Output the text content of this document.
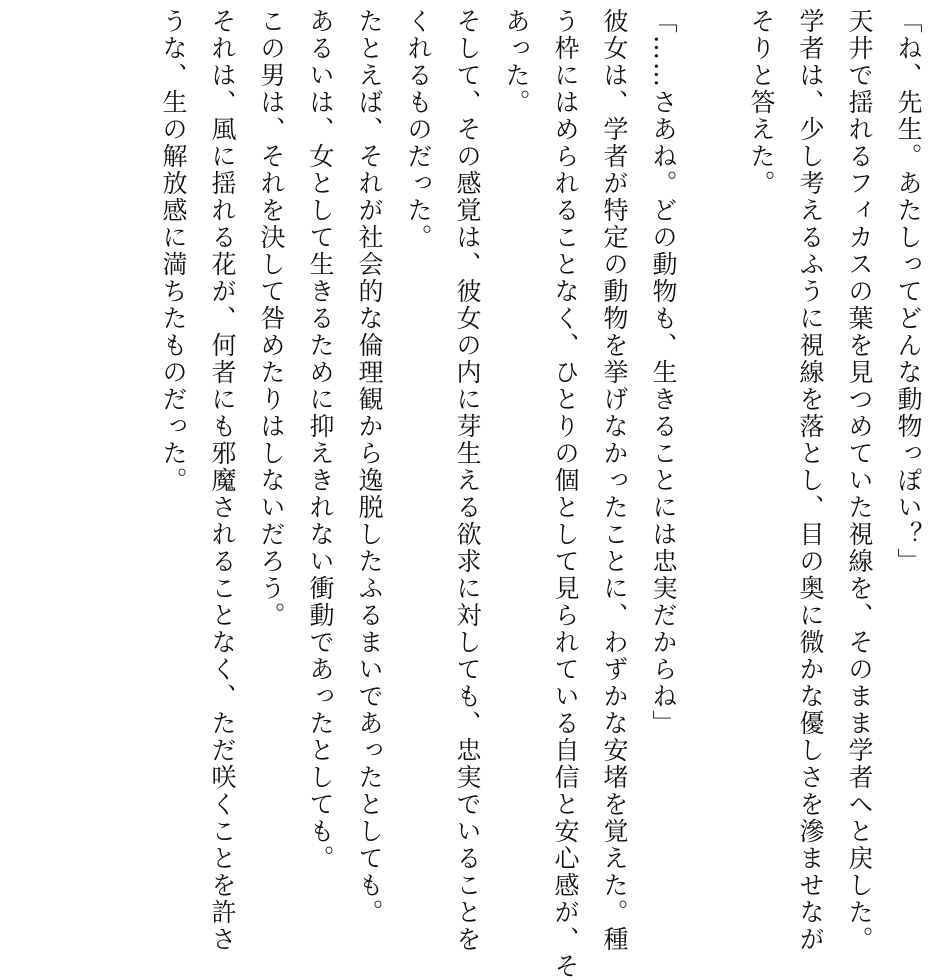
「ね、先生。あたしってどんな動物っぽい？」

天井で揺れるフィカスの葉を見つめていた視線を、そのまま学者へと戻した。

学者は、少し考えるふうに視線を落とし、目の奥に微かな優しさを滲ませなが

そりと答えた。

「……さあね。どの動物も、生きることには忠実だからね」

彼女は、学者が特定の動物を挙げなかったことに、わずかな安堵を覚えた。種

う枠にはめられることなく、ひとりの個として見られている自信と安心感が、そ

あった。

そして、その感覚は、彼女の内に芽生える欲求に対しても、忠実でいることを

くれるものだった。

たとえば、それが社会的な倫理観から逸脱したふるまいであったとしても。

あるいは、女として生きるために抑えきれない衝動であったとしても。

この男は、それを決して咎めたりはしないだろう。

それは、風に揺れる花が、何者にも邪魔されることなく、ただ咲くことを許さ

うな、生の解放感に満ちたものだった。
